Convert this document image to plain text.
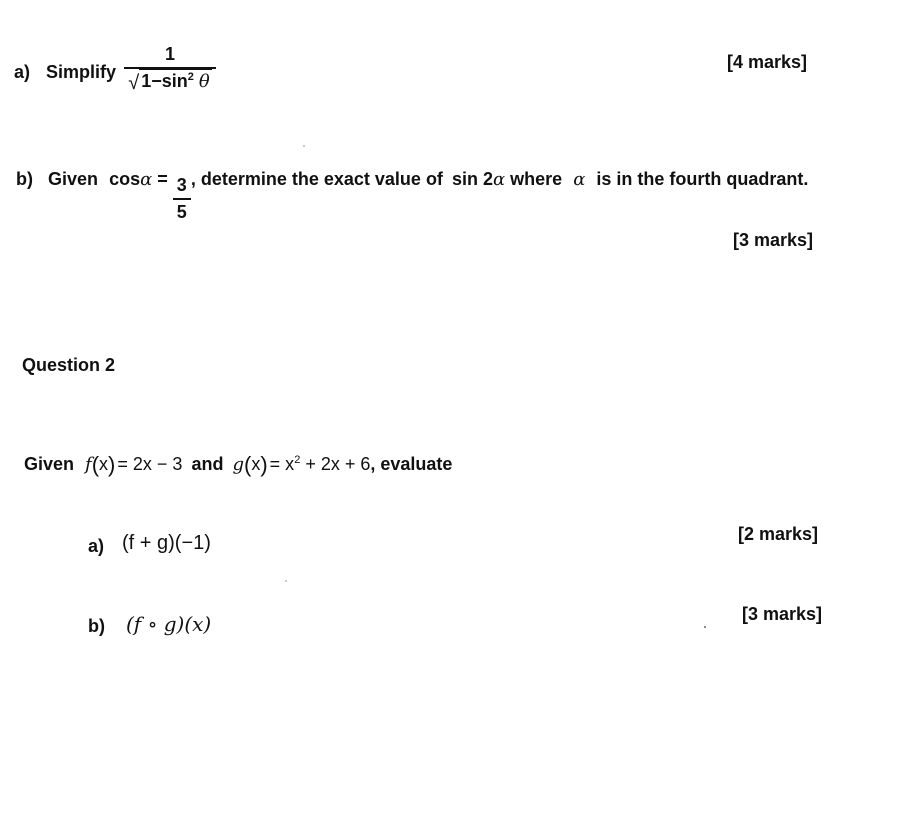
a) Simplify $\frac{1}{√ 1-\sin^2 \theta}$	[4 marks]
b) Given $\cos\alpha = \frac{3}{5}$ , determine the exact value of sin 2α where α is in the fourth quadrant.
[3 marks]
Question 2
Given f(x) = 2x − 3 and $g(x) = x^2 + 2x + 6$, evaluate
a) (f + g)(−1)	[2 marks]
b) (f ∘ g)(x)	[3 marks]
